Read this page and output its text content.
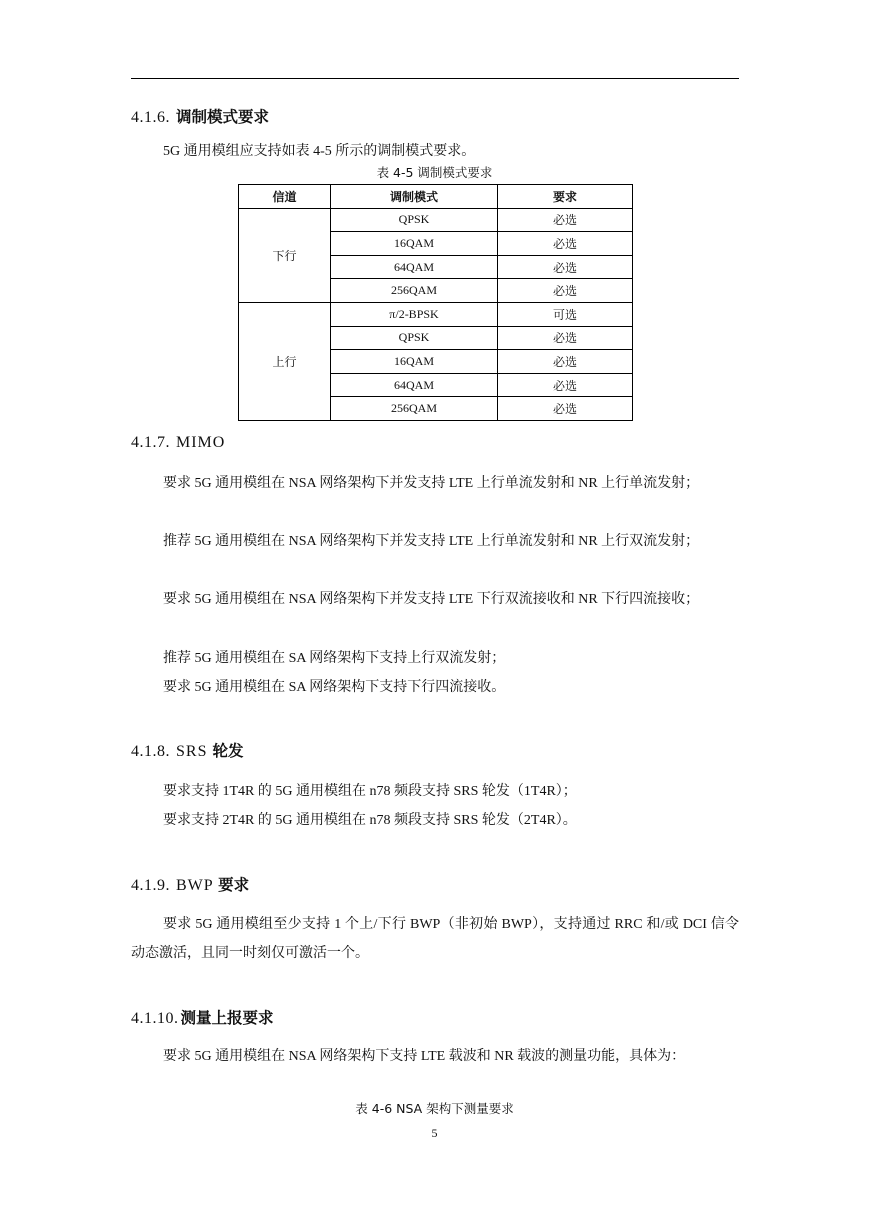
4.1.6. 调制模式要求
5G 通用模组应支持如表 4-5 所示的调制模式要求。
表 4-5 调制模式要求
信道	调制模式	要求
下行	QPSK	必选
	16QAM	必选
	64QAM	必选
	256QAM	必选
上行	π/2-BPSK	可选
	QPSK	必选
	16QAM	必选
	64QAM	必选
	256QAM	必选
4.1.7. MIMO
要求 5G 通用模组在 NSA 网络架构下并发支持 LTE 上行单流发射和 NR 上行单流发射；
推荐 5G 通用模组在 NSA 网络架构下并发支持 LTE 上行单流发射和 NR 上行双流发射；
要求 5G 通用模组在 NSA 网络架构下并发支持 LTE 下行双流接收和 NR 下行四流接收；
推荐 5G 通用模组在 SA 网络架构下支持上行双流发射；
要求 5G 通用模组在 SA 网络架构下支持下行四流接收。
4.1.8. SRS 轮发
要求支持 1T4R 的 5G 通用模组在 n78 频段支持 SRS 轮发（1T4R）；
要求支持 2T4R 的 5G 通用模组在 n78 频段支持 SRS 轮发（2T4R）。
4.1.9. BWP 要求
要求 5G 通用模组至少支持 1 个上/下行 BWP（非初始 BWP），支持通过 RRC 和/或 DCI 信令动态激活，且同一时刻仅可激活一个。
4.1.10. 测量上报要求
要求 5G 通用模组在 NSA 网络架构下支持 LTE 载波和 NR 载波的测量功能，具体为：
表 4-6 NSA 架构下测量要求
5
